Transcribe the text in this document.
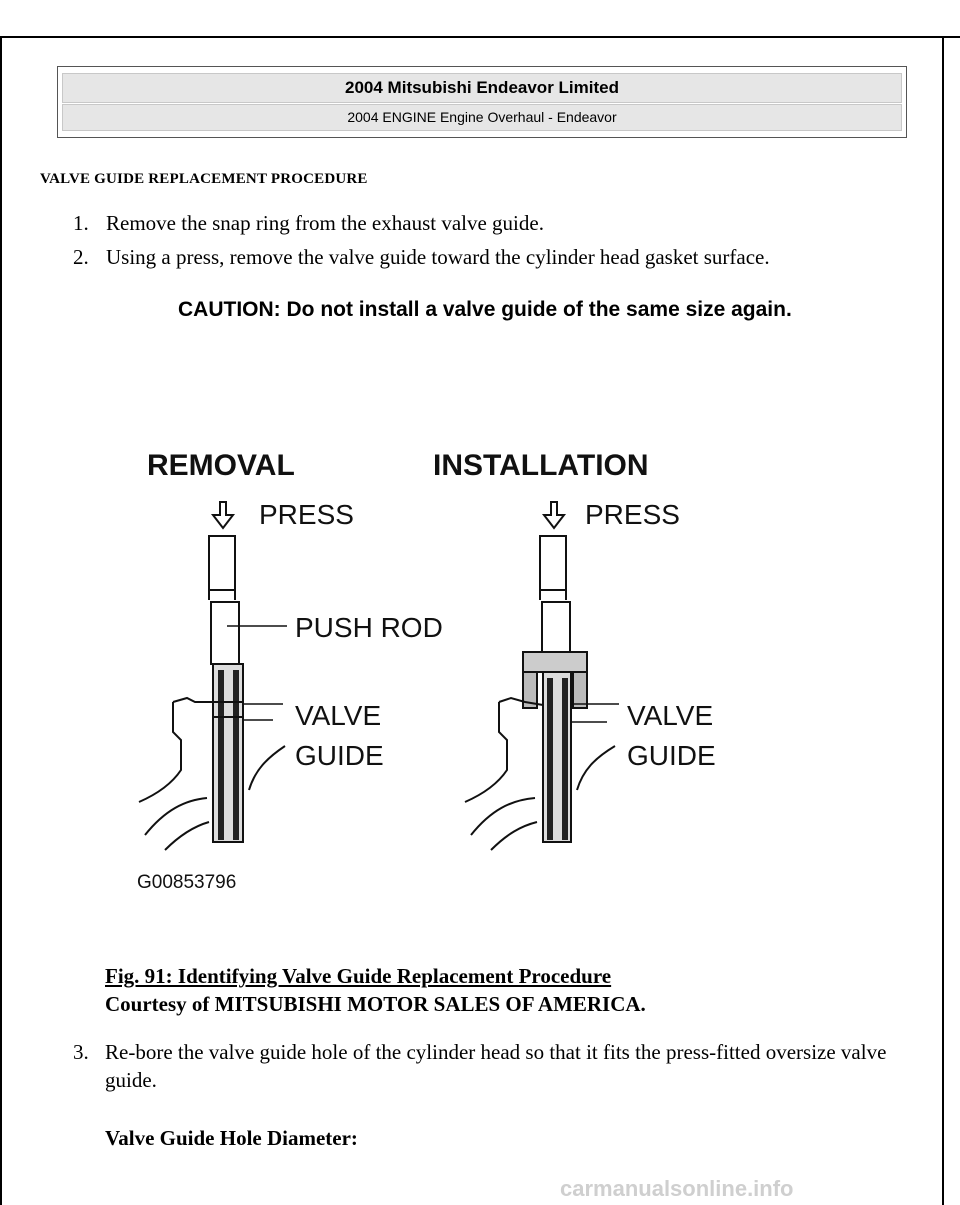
2004 Mitsubishi Endeavor Limited
2004 ENGINE Engine Overhaul - Endeavor
VALVE GUIDE REPLACEMENT PROCEDURE
1. Remove the snap ring from the exhaust valve guide.
2. Using a press, remove the valve guide toward the cylinder head gasket surface.
CAUTION: Do not install a valve guide of the same size again.
REMOVAL
PRESS
PUSH ROD
VALVE
GUIDE
INSTALLATION
PRESS
VALVE
GUIDE
G00853796
Fig. 91: Identifying Valve Guide Replacement Procedure
Courtesy of MITSUBISHI MOTOR SALES OF AMERICA.
3. Re-bore the valve guide hole of the cylinder head so that it fits the press-fitted oversize valve guide.
Valve Guide Hole Diameter:
carmanualsonline.info
